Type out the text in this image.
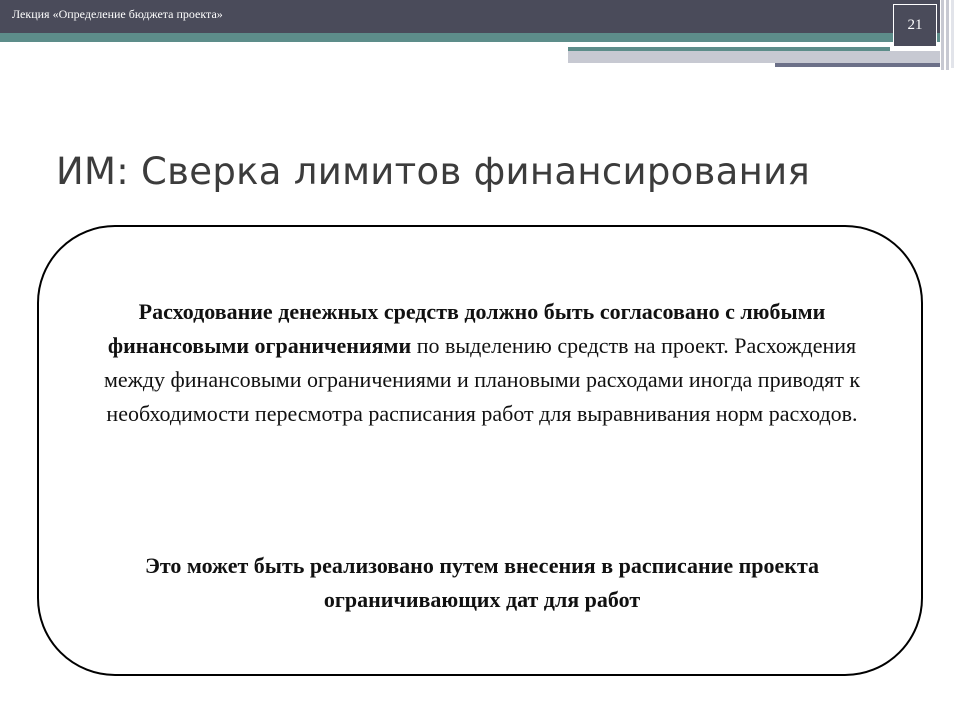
Лекция «Определение бюджета проекта»
21
ИМ: Сверка лимитов финансирования
Расходование денежных средств должно быть согласовано с любыми финансовыми ограничениями по выделению средств на проект. Расхождения между финансовыми ограничениями и плановыми расходами иногда приводят к необходимости пересмотра расписания работ для выравнивания норм расходов.
Это может быть реализовано путем внесения в расписание проекта ограничивающих дат для работ
